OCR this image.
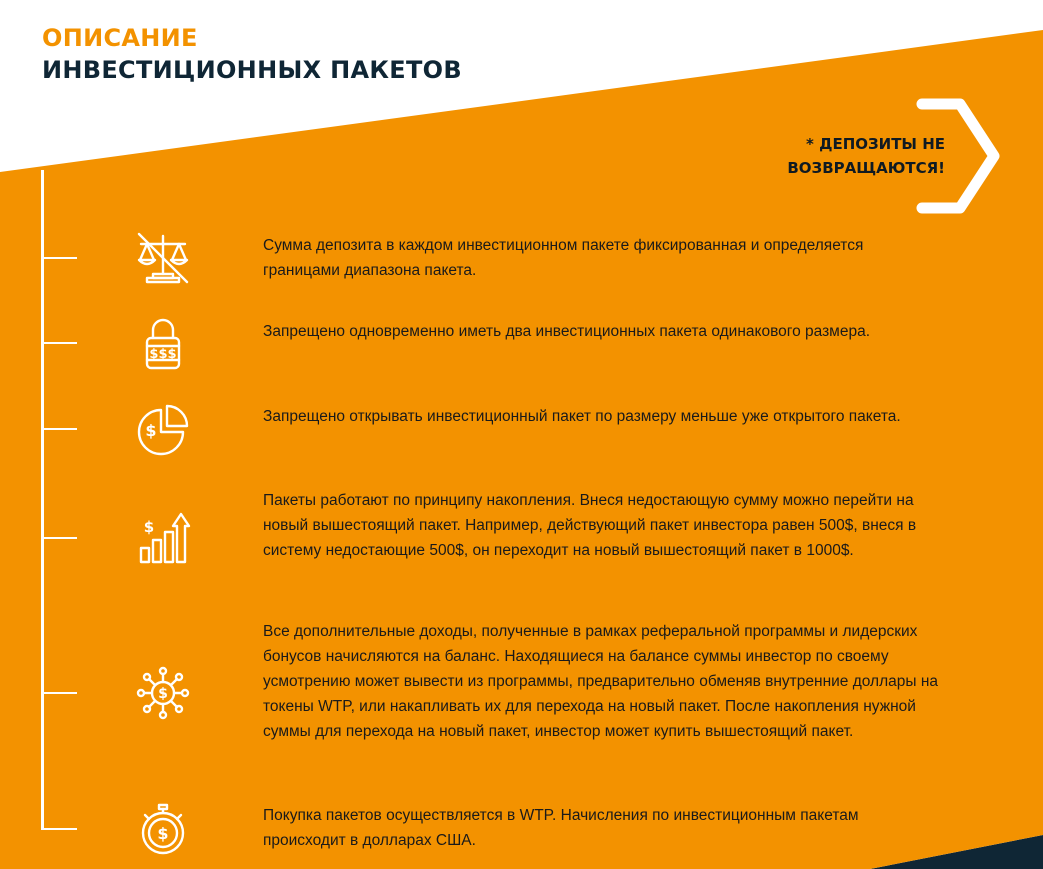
ОПИСАНИЕ
ИНВЕСТИЦИОННЫХ ПАКЕТОВ
* ДЕПОЗИТЫ НЕ
ВОЗВРАЩАЮТСЯ!
$$$
$
$
$
$
Сумма депозита в каждом инвестиционном пакете фиксированная и определяется границами диапазона пакета.
Запрещено одновременно иметь два инвестиционных пакета одинакового размера.
Запрещено открывать инвестиционный пакет по размеру меньше уже открытого пакета.
Пакеты работают по принципу накопления. Внеся недостающую сумму можно перейти на новый вышестоящий пакет. Например, действующий пакет инвестора равен 500$, внеся в систему недостающие 500$, он переходит на новый вышестоящий пакет в 1000$.
Все дополнительные доходы, полученные в рамках реферальной программы и лидерских бонусов начисляются на баланс. Находящиеся на балансе суммы инвестор по своему усмотрению может вывести из программы, предварительно обменяв внутренние доллары на токены WTP, или накапливать их для перехода на новый пакет. После накопления нужной суммы для перехода на новый пакет, инвестор может купить вышестоящий пакет.
Покупка пакетов осуществляется в WTP. Начисления по инвестиционным пакетам происходит в долларах США.
